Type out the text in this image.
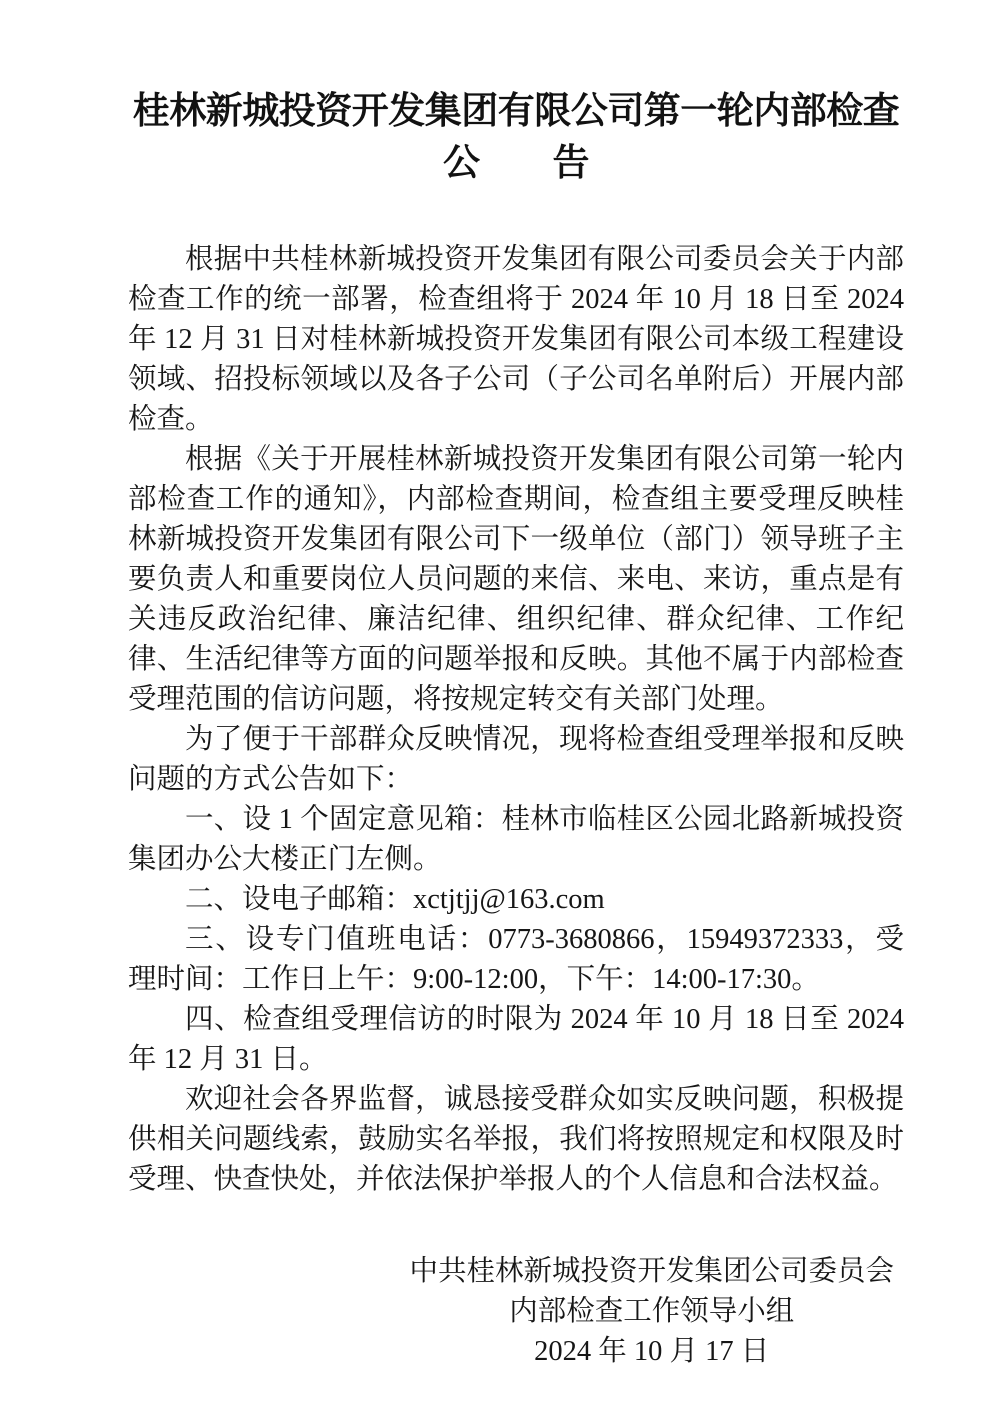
桂林新城投资开发集团有限公司第一轮内部检查
公　　告

根据中共桂林新城投资开发集团有限公司委员会关于内部检查工作的统一部署，检查组将于 2024 年 10 月 18 日至 2024 年 12 月 31 日对桂林新城投资开发集团有限公司本级工程建设领域、招投标领域以及各子公司（子公司名单附后）开展内部检查。

根据《关于开展桂林新城投资开发集团有限公司第一轮内部检查工作的通知》，内部检查期间，检查组主要受理反映桂林新城投资开发集团有限公司下一级单位（部门）领导班子主要负责人和重要岗位人员问题的来信、来电、来访，重点是有关违反政治纪律、廉洁纪律、组织纪律、群众纪律、工作纪律、生活纪律等方面的问题举报和反映。其他不属于内部检查受理范围的信访问题，将按规定转交有关部门处理。

为了便于干部群众反映情况，现将检查组受理举报和反映问题的方式公告如下：

一、设 1 个固定意见箱：桂林市临桂区公园北路新城投资集团办公大楼正门左侧。

二、设电子邮箱：xctjtjj@163.com

三、设专门值班电话：0773-3680866，15949372333，受理时间：工作日上午：9:00-12:00，下午：14:00-17:30。

四、检查组受理信访的时限为 2024 年 10 月 18 日至 2024 年 12 月 31 日。

欢迎社会各界监督，诚恳接受群众如实反映问题，积极提供相关问题线索，鼓励实名举报，我们将按照规定和权限及时受理、快查快处，并依法保护举报人的个人信息和合法权益。

中共桂林新城投资开发集团公司委员会

内部检查工作领导小组

2024 年 10 月 17 日
